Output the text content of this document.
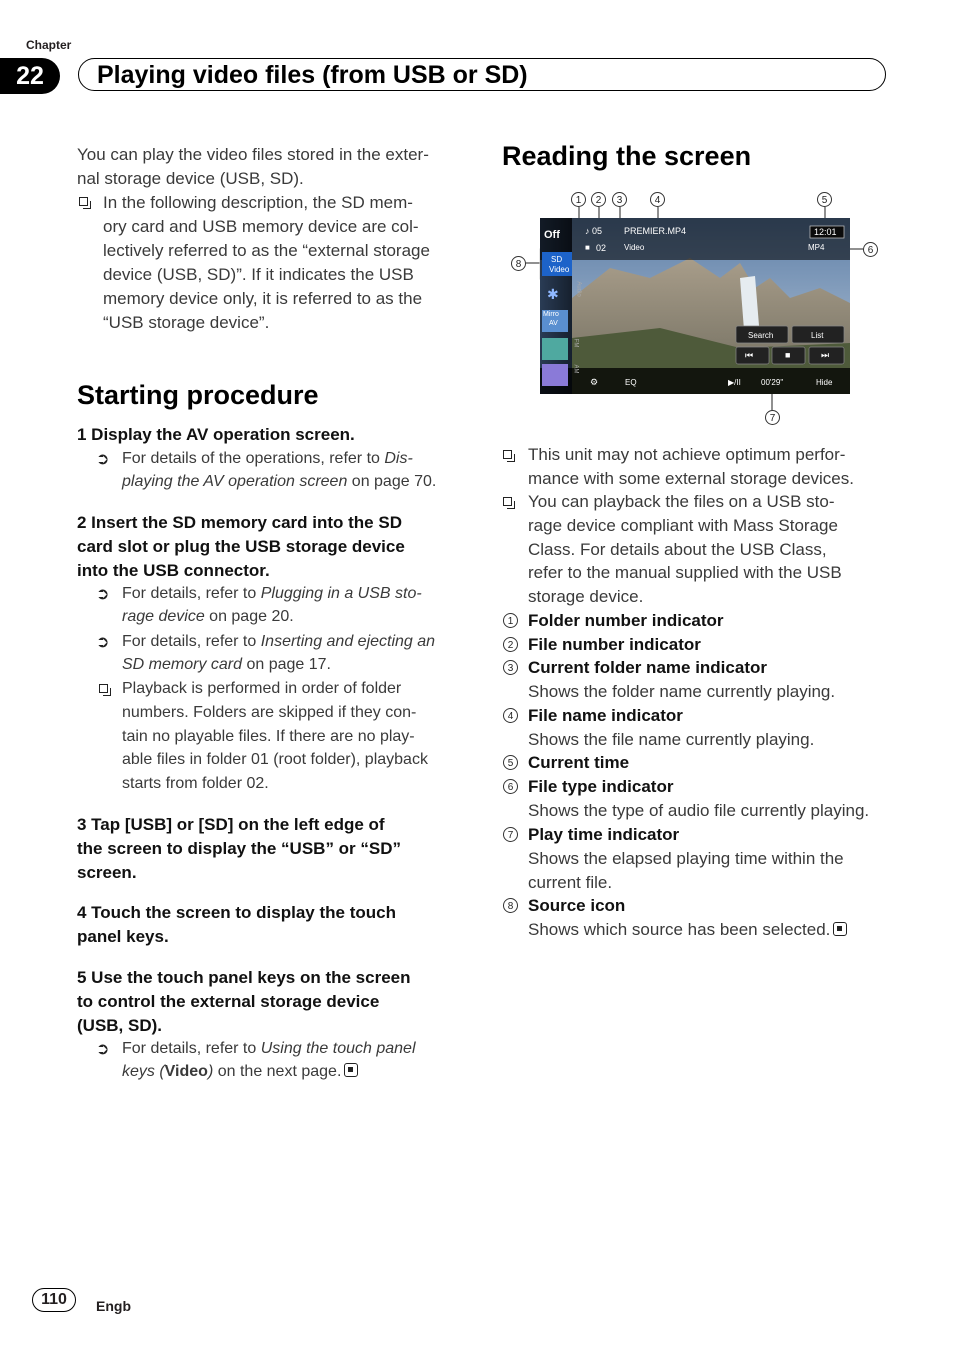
Chapter
22	Playing video files (from USB or SD)
You can play the video files stored in the exter-
nal storage device (USB, SD).
In the following description, the SD mem-
ory card and USB memory device are col-
lectively referred to as the “external storage
device (USB, SD)”. If it indicates the USB
memory device only, it is referred to as the
“USB storage device”.
Starting procedure
1 Display the AV operation screen.
➲ For details of the operations, refer to Dis-
playing the AV operation screen on page 70.
2 Insert the SD memory card into the SD
card slot or plug the USB storage device
into the USB connector.
➲ For details, refer to Plugging in a USB sto-
rage device on page 20.
➲ For details, refer to Inserting and ejecting an
SD memory card on page 17.
Playback is performed in order of folder
numbers. Folders are skipped if they con-
tain no playable files. If there are no play-
able files in folder 01 (root folder), playback
starts from folder 02.
3 Tap [USB] or [SD] on the left edge of
the screen to display the “USB” or “SD”
screen.
4 Touch the screen to display the touch
panel keys.
5 Use the touch panel keys on the screen
to control the external storage device
(USB, SD).
➲ For details, refer to Using the touch panel
keys (Video) on the next page.
Reading the screen
1	2	3	4	5
6
7
8
Off
SD
Video
✱	Audio
Mirro
AV
FM
AM
♪ 05
■ 02
PREMIER.MP4
Video
12:01
MP4
Search	List
⏮	■	⏭
⚙	EQ	▶/II	00'29"	Hide
This unit may not achieve optimum perfor-
mance with some external storage devices.
You can playback the files on a USB sto-
rage device compliant with Mass Storage
Class. For details about the USB Class,
refer to the manual supplied with the USB
storage device.
1 Folder number indicator
2 File number indicator
3 Current folder name indicator
Shows the folder name currently playing.
4 File name indicator
Shows the file name currently playing.
5 Current time
6 File type indicator
Shows the type of audio file currently playing.
7 Play time indicator
Shows the elapsed playing time within the
current file.
8 Source icon
Shows which source has been selected.
110	Engb
